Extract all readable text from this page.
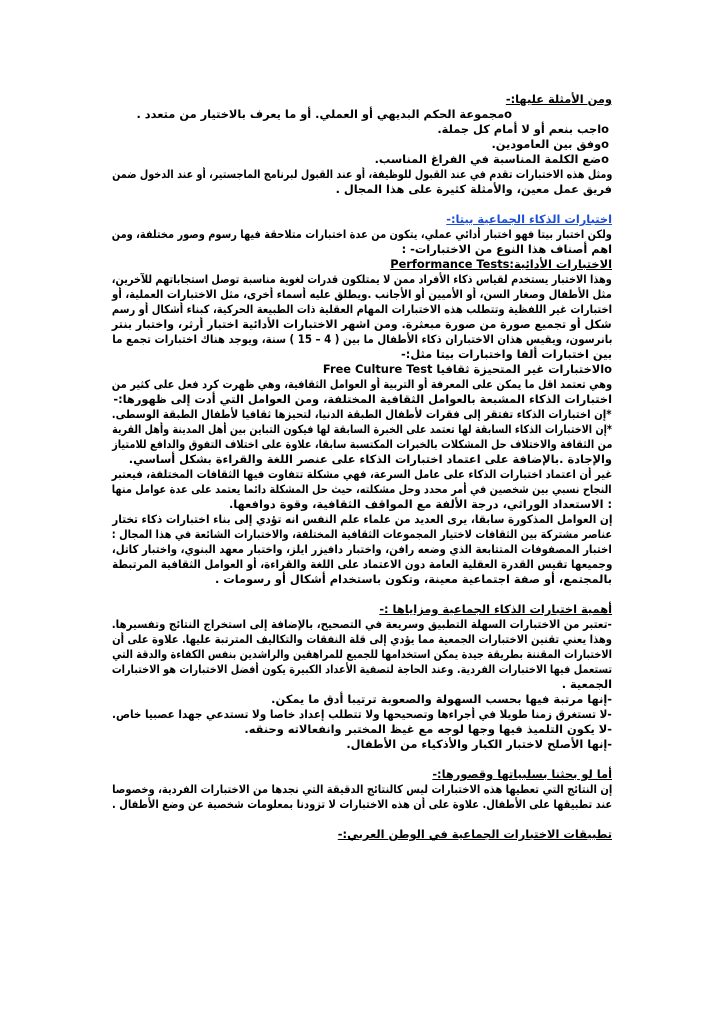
ومن الأمثلة عليها:-
oمجموعة الحكم البديهي أو العملي. أو ما يعرف بالاختيار من متعدد .
oاجب بنعم أو لا أمام كل جملة.
oوفق بين العامودين.
oضع الكلمة المناسبة في الفراغ المناسب.
ومثل هذه الاختبارات تقدم في عند القبول للوظيفة، أو عند القبول لبرنامج الماجستير، أو عند الدخول ضمن
فريق عمل معين، والأمثلة كثيرة على هذا المجال .
اختبارات الذكاء الجماعية بيتا:-
ولكن اختبار بيتا فهو اختبار أدائي عملي، يتكون من عدة اختبارات متلاحقة فيها رسوم وصور مختلفة، ومن
اهم أصناف هذا النوع من الاختبارات- :
الاختبارات الأدائية:Performance Tests
وهذا الاختبار يستخدم لقياس ذكاء الأفراد ممن لا يمتلكون قدرات لغوية مناسبة توصل استجاباتهم للآخرين،
مثل الأطفال وصغار السن، أو الأميين أو الأجانب .ويطلق عليه أسماء أخرى، مثل الاختبارات العملية، أو
اختبارات غير اللفظية وتتطلب هذه الاختبارات المهام العقلية ذات الطبيعة الحركية، كبناء أشكال أو رسم
شكل أو تجميع صورة من صورة مبعثرة. ومن اشهر الاختبارات الأدائية اختبار أرثر، واختبار بنتر
بانرسون، ويقيس هذان الاختباران ذكاء الأطفال ما بين ( 4 – 15 ) سنة، ويوجد هناك اختبارات تجمع ما
بين اختبارات ألفا واختبارات بيتا مثل:-
oالاختبارات غير المتحيزة ثقافيا Free Culture Test
وهي تعتمد اقل ما يمكن على المعرفة أو التربية أو العوامل الثقافية، وهي ظهرت كرد فعل على كثير من
اختبارات الذكاء المشبعة بالعوامل الثقافية المختلفة، ومن العوامل التي أدت إلى ظهورها:-
*إن اختبارات الذكاء تفتقر إلى فقرات لأطفال الطبقة الدنيا، لتحيزها ثقافيا لأطفال الطبقة الوسطى.
*إن الاختبارات الذكاء السابقة لها تعتمد على الخبرة السابقة لها فيكون التباين بين أهل المدينة وأهل القرية
من الثقافة والاختلاف حل المشكلات بالخبرات المكتسبة سابقا، علاوة على اختلاف التفوق والدافع للامتياز
والإجادة .بالإضافة على اعتماد اختبارات الذكاء على عنصر اللغة والقراءة بشكل أساسي.
غير أن اعتماد اختبارات الذكاء على عامل السرعة، فهي مشكلة تتفاوت فيها الثقافات المختلفة، فيعتبر
النجاح نسبي بين شخصين في أمر محدد وحل مشكلته، حيث حل المشكلة دائما يعتمد على عدة عوامل منها
: الاستعداد الوراثي، درجة الألفة مع المواقف الثقافية، وقوة دوافعها.
إن العوامل المذكورة سابقا، يرى العديد من علماء علم النفس انه تؤدي إلى بناء اختبارات ذكاء تختار
عناصر مشتركة بين الثقافات لاختيار المجموعات الثقافية المختلفة، والاختبارات الشائعة في هذا المجال :
اختبار المصفوفات المتتابعة الذي وضعه رافن، واختبار دافيزر ايلز، واختبار معهد البنوي، واختبار كاتل،
وجميعها تقيس القدرة العقلية العامة دون الاعتماد على اللغة والقراءة، أو العوامل الثقافية المرتبطة
بالمجتمع، أو صفة اجتماعية معينة، وتكون باستخدام أشكال أو رسومات .
أهمية اختبارات الذكاء الجماعية ومزاياها :-
-تعتبر من الاختبارات السهلة التطبيق وسريعة في التصحيح، بالإضافة إلى استخراج النتائج وتفسيرها.
وهذا يعني تقنين الاختبارات الجمعية مما يؤدي إلى قلة النفقات والتكاليف المترتبة عليها. علاوة على أن
الاختبارات المقننة بطريقة جيدة يمكن استخدامها للجميع للمراهقين والراشدين بنفس الكفاءة والدقة التي
تستعمل فيها الاختبارات الفردية. وعند الحاجة لتصفية الأعداد الكبيرة يكون أفضل الاختبارات هو الاختبارات
الجمعية .
-إنها مرتبة فيها بحسب السهولة والصعوبة ترتيبا أدق ما يمكن.
-لا تستغرق زمنا طويلا في أجراءها وتصحيحها ولا تتطلب إعداد خاصا ولا تستدعي جهدا عصبيا خاص.
-لا يكون التلميذ فيها وجها لوجه مع غيظ المختبر وانفعالاته وحنقه.
-إنها الأصلح لاختبار الكبار والأذكياء من الأطفال.
أما لو بحثنا بسلبياتها وقصورها:-
إن النتائج التي تعطيها هذه الاختبارات ليس كالنتائج الدقيقة التي نجدها من الاختبارات الفردية، وخصوصا
عند تطبيقها على الأطفال. علاوة على أن هذه الاختبارات لا تزودنا بمعلومات شخصية عن وضع الأطفال .
تطبيقات الاختبارات الجماعية في الوطن العربي:-
